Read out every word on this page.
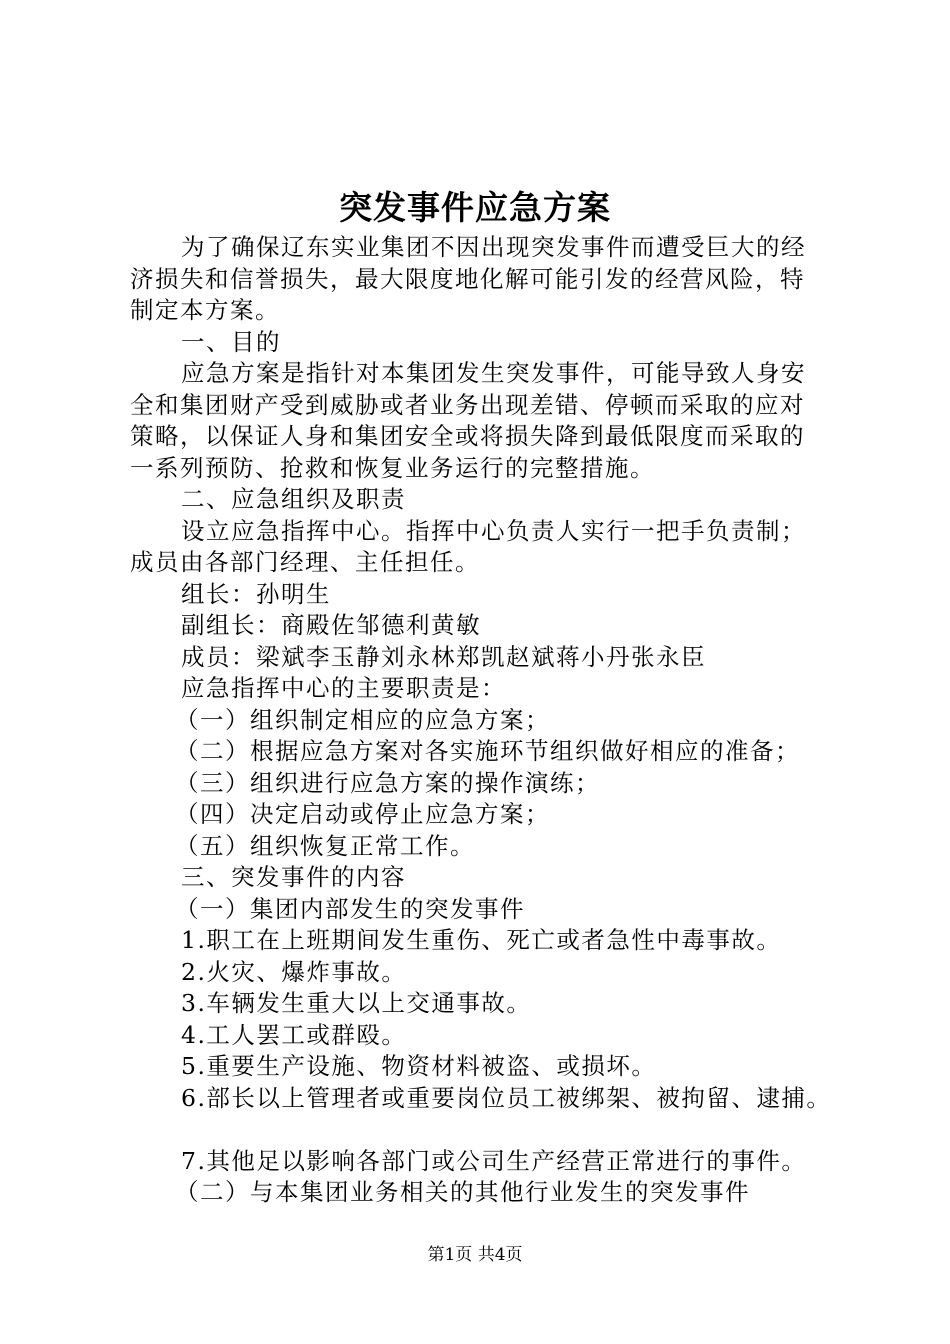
突发事件应急方案

为了确保辽东实业集团不因出现突发事件而遭受巨大的经

济损失和信誉损失，最大限度地化解可能引发的经营风险，特

制定本方案。

一、目的

应急方案是指针对本集团发生突发事件，可能导致人身安

全和集团财产受到威胁或者业务出现差错、停顿而采取的应对

策略，以保证人身和集团安全或将损失降到最低限度而采取的

一系列预防、抢救和恢复业务运行的完整措施。

二、应急组织及职责

设立应急指挥中心。指挥中心负责人实行一把手负责制；

成员由各部门经理、主任担任。

组长：孙明生

副组长：商殿佐邹德利黄敏

成员：梁斌李玉静刘永林郑凯赵斌蒋小丹张永臣

应急指挥中心的主要职责是：

（一）组织制定相应的应急方案；

（二）根据应急方案对各实施环节组织做好相应的准备；

（三）组织进行应急方案的操作演练；

（四）决定启动或停止应急方案；

（五）组织恢复正常工作。

三、突发事件的内容

（一）集团内部发生的突发事件

1.职工在上班期间发生重伤、死亡或者急性中毒事故。

2.火灾、爆炸事故。

3.车辆发生重大以上交通事故。

4.工人罢工或群殴。

5.重要生产设施、物资材料被盗、或损坏。

6.部长以上管理者或重要岗位员工被绑架、被拘留、逮捕。

7.其他足以影响各部门或公司生产经营正常进行的事件。

（二）与本集团业务相关的其他行业发生的突发事件

第1页 共4页
